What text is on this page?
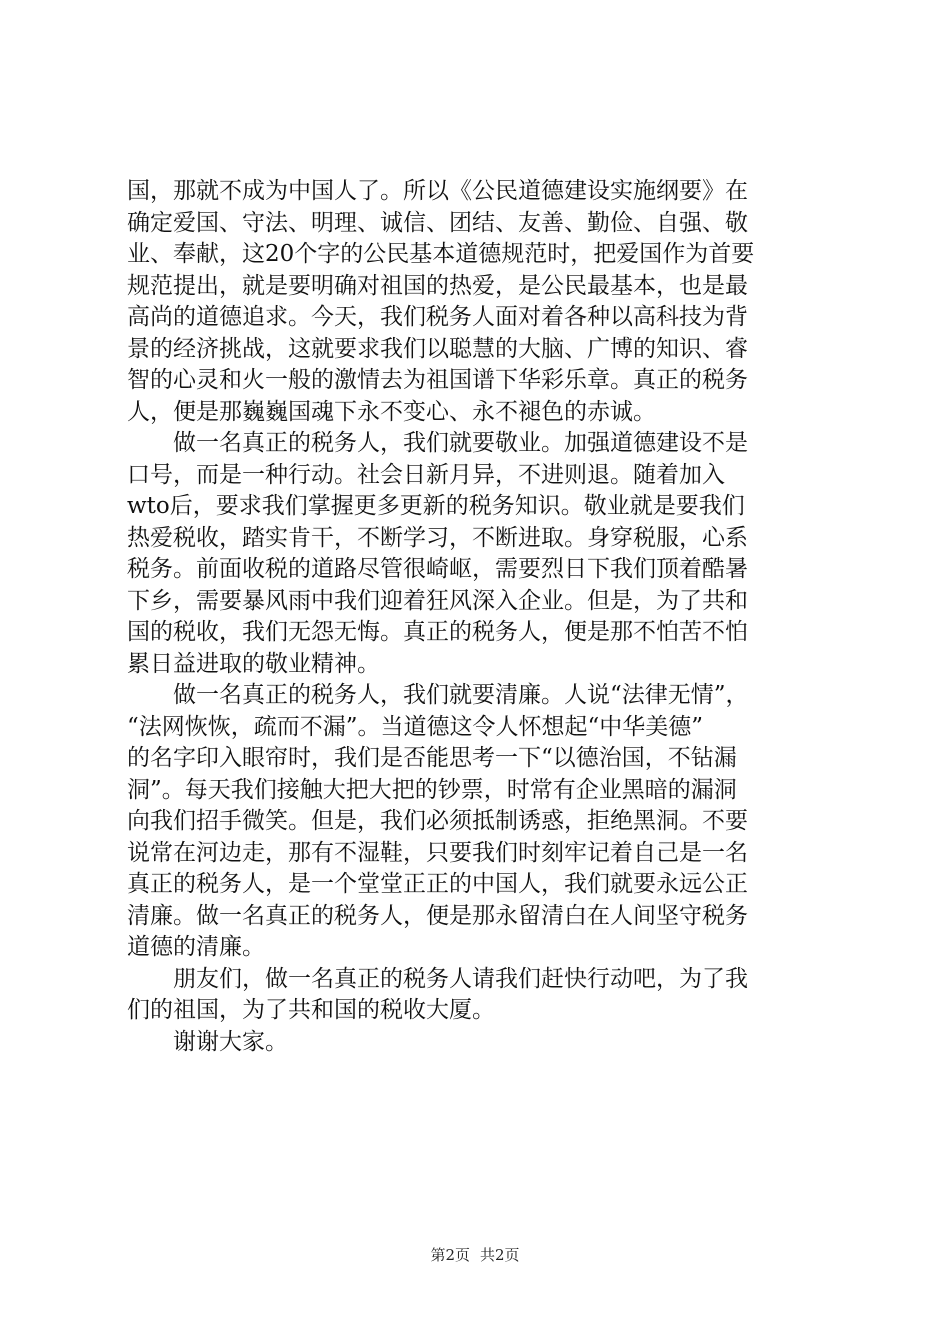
国，那就不成为中国人了。所以《公民道德建设实施纲要》在
确定爱国、守法、明理、诚信、团结、友善、勤俭、自强、敬
业、奉献，这20个字的公民基本道德规范时，把爱国作为首要
规范提出，就是要明确对祖国的热爱，是公民最基本，也是最
高尚的道德追求。今天，我们税务人面对着各种以高科技为背
景的经济挑战，这就要求我们以聪慧的大脑、广博的知识、睿
智的心灵和火一般的激情去为祖国谱下华彩乐章。真正的税务
人，便是那巍巍国魂下永不变心、永不褪色的赤诚。
做一名真正的税务人，我们就要敬业。加强道德建设不是
口号，而是一种行动。社会日新月异，不进则退。随着加入
wto后，要求我们掌握更多更新的税务知识。敬业就是要我们
热爱税收，踏实肯干，不断学习，不断进取。身穿税服，心系
税务。前面收税的道路尽管很崎岖，需要烈日下我们顶着酷暑
下乡，需要暴风雨中我们迎着狂风深入企业。但是，为了共和
国的税收，我们无怨无悔。真正的税务人，便是那不怕苦不怕
累日益进取的敬业精神。
做一名真正的税务人，我们就要清廉。人说“法律无情”，
“法网恢恢，疏而不漏”。当道德这令人怀想起“中华美德”
的名字印入眼帘时，我们是否能思考一下“以德治国，不钻漏
洞”。每天我们接触大把大把的钞票，时常有企业黑暗的漏洞
向我们招手微笑。但是，我们必须抵制诱惑，拒绝黑洞。不要
说常在河边走，那有不湿鞋，只要我们时刻牢记着自己是一名
真正的税务人，是一个堂堂正正的中国人，我们就要永远公正
清廉。做一名真正的税务人，便是那永留清白在人间坚守税务
道德的清廉。
朋友们，做一名真正的税务人请我们赶快行动吧，为了我
们的祖国，为了共和国的税收大厦。
谢谢大家。
第2页 共2页
